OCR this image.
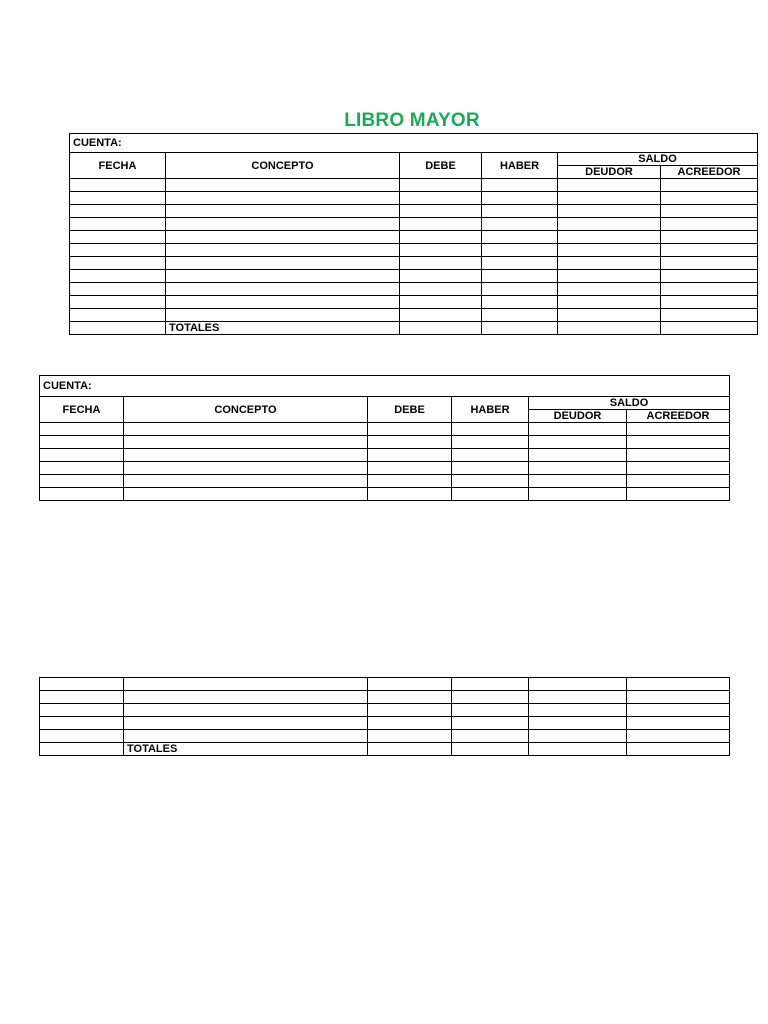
LIBRO MAYOR
CUENTA:					
FECHA	CONCEPTO	DEBE	HABER	SALDO	
				DEUDOR	ACREEDOR

	TOTALES				
CUENTA:					
FECHA	CONCEPTO	DEBE	HABER	SALDO	
				DEUDOR	ACREEDOR

	TOTALES				
